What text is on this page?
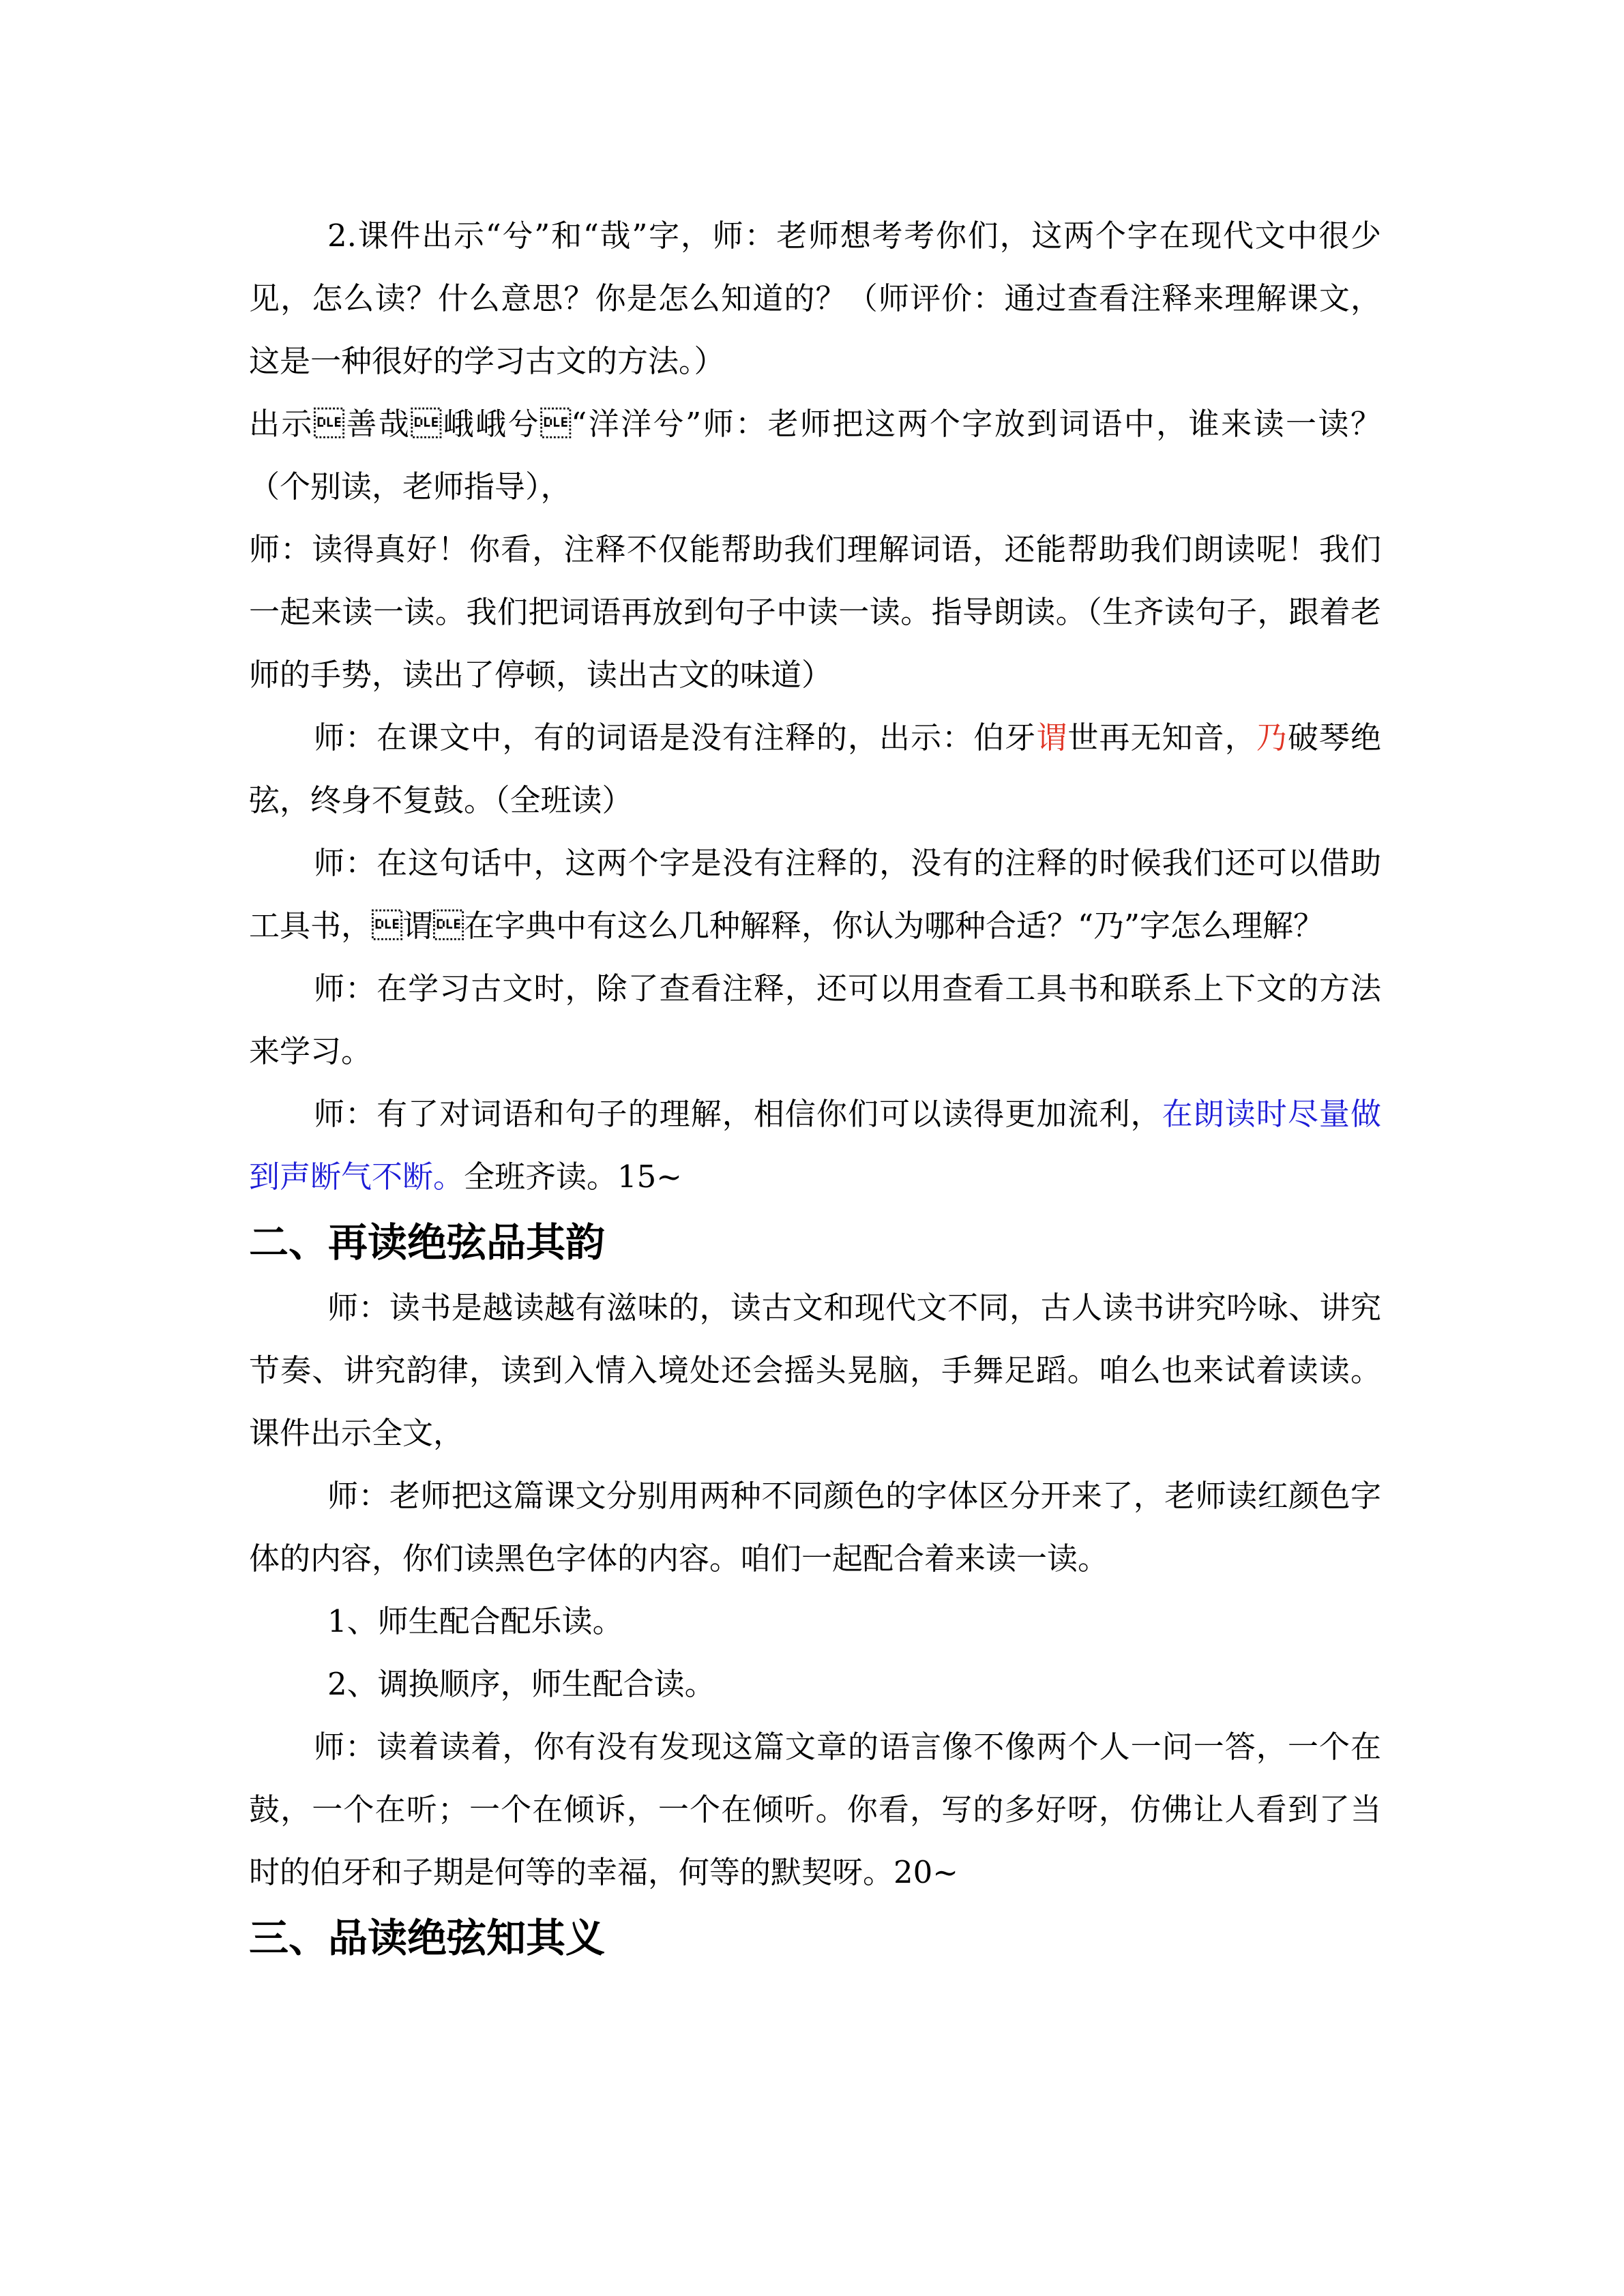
2.课件出示“兮”和“哉”字，师：老师想考考你们，这两个字在现代文中很少见，怎么读？什么意思？你是怎么知道的？（师评价：通过查看注释来理解课文，这是一种很好的学习古文的方法。）

出示善哉峨峨兮“洋洋兮”师：老师把这两个字放到词语中，谁来读一读？（个别读，老师指导），

师：读得真好！你看，注释不仅能帮助我们理解词语，还能帮助我们朗读呢！我们一起来读一读。我们把词语再放到句子中读一读。指导朗读。（生齐读句子，跟着老师的手势，读出了停顿，读出古文的味道）

师：在课文中，有的词语是没有注释的，出示：伯牙谓世再无知音，乃破琴绝弦，终身不复鼓。（全班读）

师：在这句话中，这两个字是没有注释的，没有的注释的时候我们还可以借助工具书，谓在字典中有这么几种解释，你认为哪种合适？“乃”字怎么理解？

师：在学习古文时，除了查看注释，还可以用查看工具书和联系上下文的方法来学习。

师：有了对词语和句子的理解，相信你们可以读得更加流利，在朗读时尽量做到声断气不断。全班齐读。15~

二、再读绝弦品其韵

师：读书是越读越有滋味的，读古文和现代文不同，古人读书讲究吟咏、讲究节奏、讲究韵律，读到入情入境处还会摇头晃脑，手舞足蹈。咱么也来试着读读。课件出示全文，

师：老师把这篇课文分别用两种不同颜色的字体区分开来了，老师读红颜色字体的内容，你们读黑色字体的内容。咱们一起配合着来读一读。

1、师生配合配乐读。

2、调换顺序，师生配合读。

师：读着读着，你有没有发现这篇文章的语言像不像两个人一问一答，一个在鼓，一个在听；一个在倾诉，一个在倾听。你看，写的多好呀，仿佛让人看到了当时的伯牙和子期是何等的幸福，何等的默契呀。20~

三、品读绝弦知其义
